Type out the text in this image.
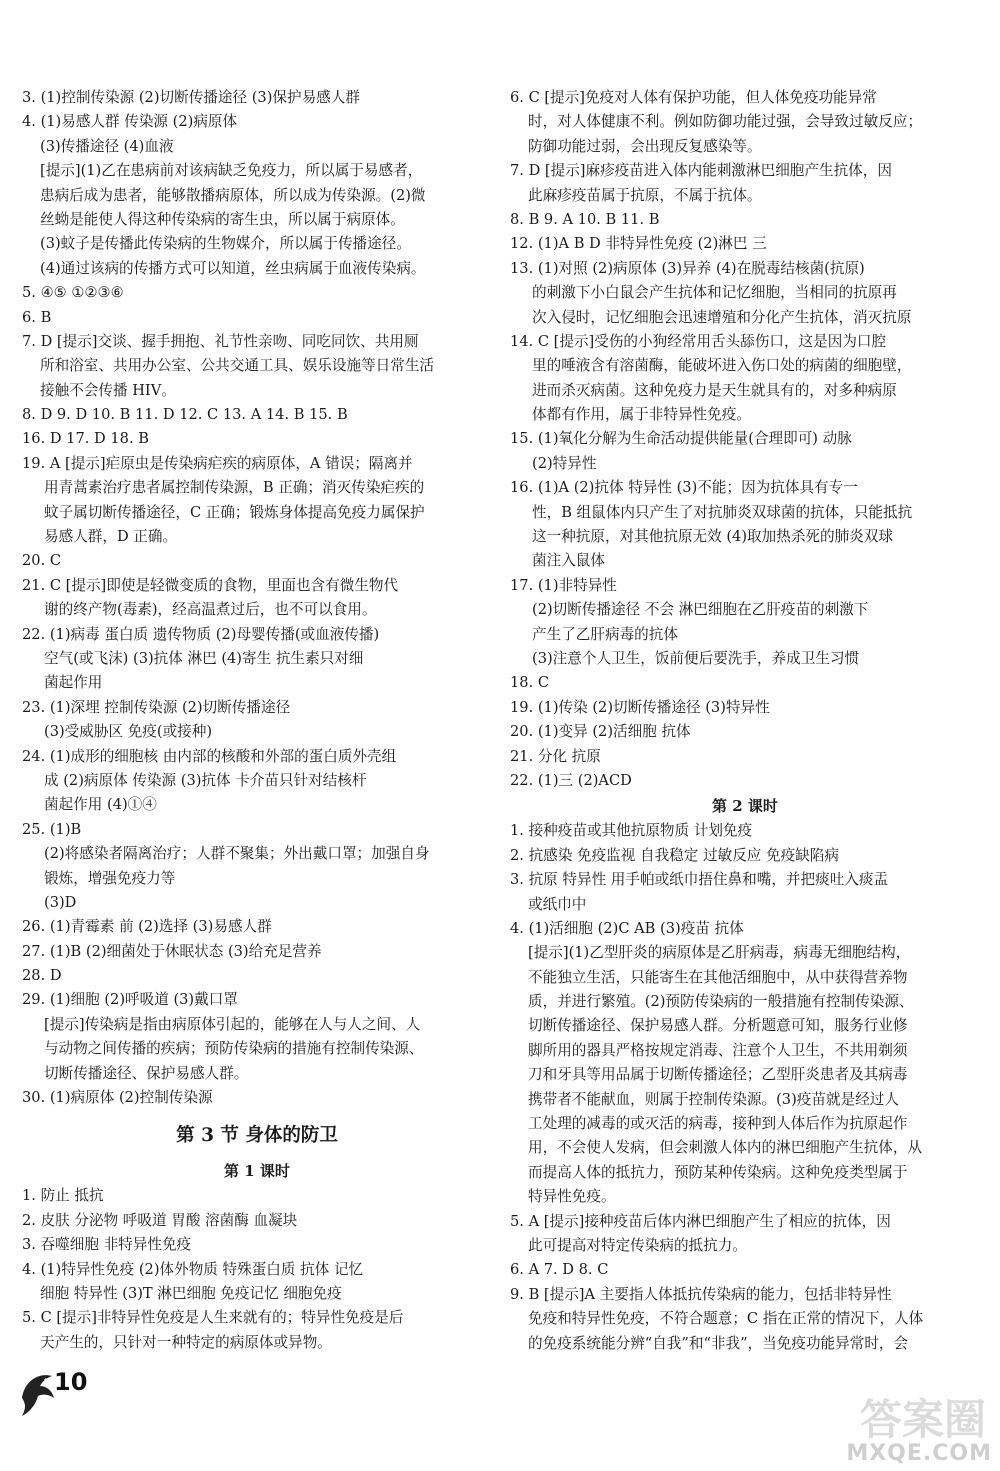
3. (1)控制传染源 (2)切断传播途径 (3)保护易感人群
4. (1)易感人群 传染源 (2)病原体
(3)传播途径 (4)血液
[提示](1)乙在患病前对该病缺乏免疫力，所以属于易感者，
患病后成为患者，能够散播病原体，所以成为传染源。(2)微
丝蚴是能使人得这种传染病的寄生虫，所以属于病原体。
(3)蚊子是传播此传染病的生物媒介，所以属于传播途径。
(4)通过该病的传播方式可以知道，丝虫病属于血液传染病。
5. ④⑤ ①②③⑥
6. B
7. D [提示]交谈、握手拥抱、礼节性亲吻、同吃同饮、共用厕
所和浴室、共用办公室、公共交通工具、娱乐设施等日常生活
接触不会传播 HIV。
8. D 9. D 10. B 11. D 12. C 13. A 14. B 15. B
16. D 17. D 18. B
19. A [提示]疟原虫是传染病疟疾的病原体，A 错误；隔离并
用青蒿素治疗患者属控制传染源，B 正确；消灭传染疟疾的
蚊子属切断传播途径，C 正确；锻炼身体提高免疫力属保护
易感人群，D 正确。
20. C
21. C [提示]即使是轻微变质的食物，里面也含有微生物代
谢的终产物(毒素)，经高温煮过后，也不可以食用。
22. (1)病毒 蛋白质 遗传物质 (2)母婴传播(或血液传播)
空气(或飞沫) (3)抗体 淋巴 (4)寄生 抗生素只对细
菌起作用
23. (1)深埋 控制传染源 (2)切断传播途径
(3)受威胁区 免疫(或接种)
24. (1)成形的细胞核 由内部的核酸和外部的蛋白质外壳组
成 (2)病原体 传染源 (3)抗体 卡介苗只针对结核杆
菌起作用 (4)①④
25. (1)B
(2)将感染者隔离治疗；人群不聚集；外出戴口罩；加强自身
锻炼，增强免疫力等
(3)D
26. (1)青霉素 前 (2)选择 (3)易感人群
27. (1)B (2)细菌处于休眠状态 (3)给充足营养
28. D
29. (1)细胞 (2)呼吸道 (3)戴口罩
[提示]传染病是指由病原体引起的，能够在人与人之间、人
与动物之间传播的疾病；预防传染病的措施有控制传染源、
切断传播途径、保护易感人群。
30. (1)病原体 (2)控制传染源
第 3 节 身体的防卫
第 1 课时
1. 防止 抵抗
2. 皮肤 分泌物 呼吸道 胃酸 溶菌酶 血凝块
3. 吞噬细胞 非特异性免疫
4. (1)特异性免疫 (2)体外物质 特殊蛋白质 抗体 记忆
细胞 特异性 (3)T 淋巴细胞 免疫记忆 细胞免疫
5. C [提示]非特异性免疫是人生来就有的；特异性免疫是后
天产生的，只针对一种特定的病原体或异物。
6. C [提示]免疫对人体有保护功能，但人体免疫功能异常
时，对人体健康不利。例如防御功能过强，会导致过敏反应；
防御功能过弱，会出现反复感染等。
7. D [提示]麻疹疫苗进入体内能刺激淋巴细胞产生抗体，因
此麻疹疫苗属于抗原，不属于抗体。
8. B 9. A 10. B 11. B
12. (1)A B D 非特异性免疫 (2)淋巴 三
13. (1)对照 (2)病原体 (3)异养 (4)在脱毒结核菌(抗原)
的刺激下小白鼠会产生抗体和记忆细胞，当相同的抗原再
次入侵时，记忆细胞会迅速增殖和分化产生抗体，消灭抗原
14. C [提示]受伤的小狗经常用舌头舔伤口，这是因为口腔
里的唾液含有溶菌酶，能破坏进入伤口处的病菌的细胞壁，
进而杀灭病菌。这种免疫力是天生就具有的，对多种病原
体都有作用，属于非特异性免疫。
15. (1)氧化分解为生命活动提供能量(合理即可) 动脉
(2)特异性
16. (1)A (2)抗体 特异性 (3)不能；因为抗体具有专一
性，B 组鼠体内只产生了对抗肺炎双球菌的抗体，只能抵抗
这一种抗原，对其他抗原无效 (4)取加热杀死的肺炎双球
菌注入鼠体
17. (1)非特异性
(2)切断传播途径 不会 淋巴细胞在乙肝疫苗的刺激下
产生了乙肝病毒的抗体
(3)注意个人卫生，饭前便后要洗手，养成卫生习惯
18. C
19. (1)传染 (2)切断传播途径 (3)特异性
20. (1)变异 (2)活细胞 抗体
21. 分化 抗原
22. (1)三 (2)ACD
第 2 课时
1. 接种疫苗或其他抗原物质 计划免疫
2. 抗感染 免疫监视 自我稳定 过敏反应 免疫缺陷病
3. 抗原 特异性 用手帕或纸巾捂住鼻和嘴，并把痰吐入痰盂
或纸巾中
4. (1)活细胞 (2)C AB (3)疫苗 抗体
[提示](1)乙型肝炎的病原体是乙肝病毒，病毒无细胞结构，
不能独立生活，只能寄生在其他活细胞中，从中获得营养物
质，并进行繁殖。(2)预防传染病的一般措施有控制传染源、
切断传播途径、保护易感人群。分析题意可知，服务行业修
脚所用的器具严格按规定消毒、注意个人卫生，不共用剃须
刀和牙具等用品属于切断传播途径；乙型肝炎患者及其病毒
携带者不能献血，则属于控制传染源。(3)疫苗就是经过人
工处理的减毒的或灭活的病毒，接种到人体后作为抗原起作
用，不会使人发病，但会刺激人体内的淋巴细胞产生抗体，从
而提高人体的抵抗力，预防某种传染病。这种免疫类型属于
特异性免疫。
5. A [提示]接种疫苗后体内淋巴细胞产生了相应的抗体，因
此可提高对特定传染病的抵抗力。
6. A 7. D 8. C
9. B [提示]A 主要指人体抵抗传染病的能力，包括非特异性
免疫和特异性免疫，不符合题意；C 指在正常的情况下，人体
的免疫系统能分辨“自我”和“非我”，当免疫功能异常时，会
10
答案圈
MXQE.COM
